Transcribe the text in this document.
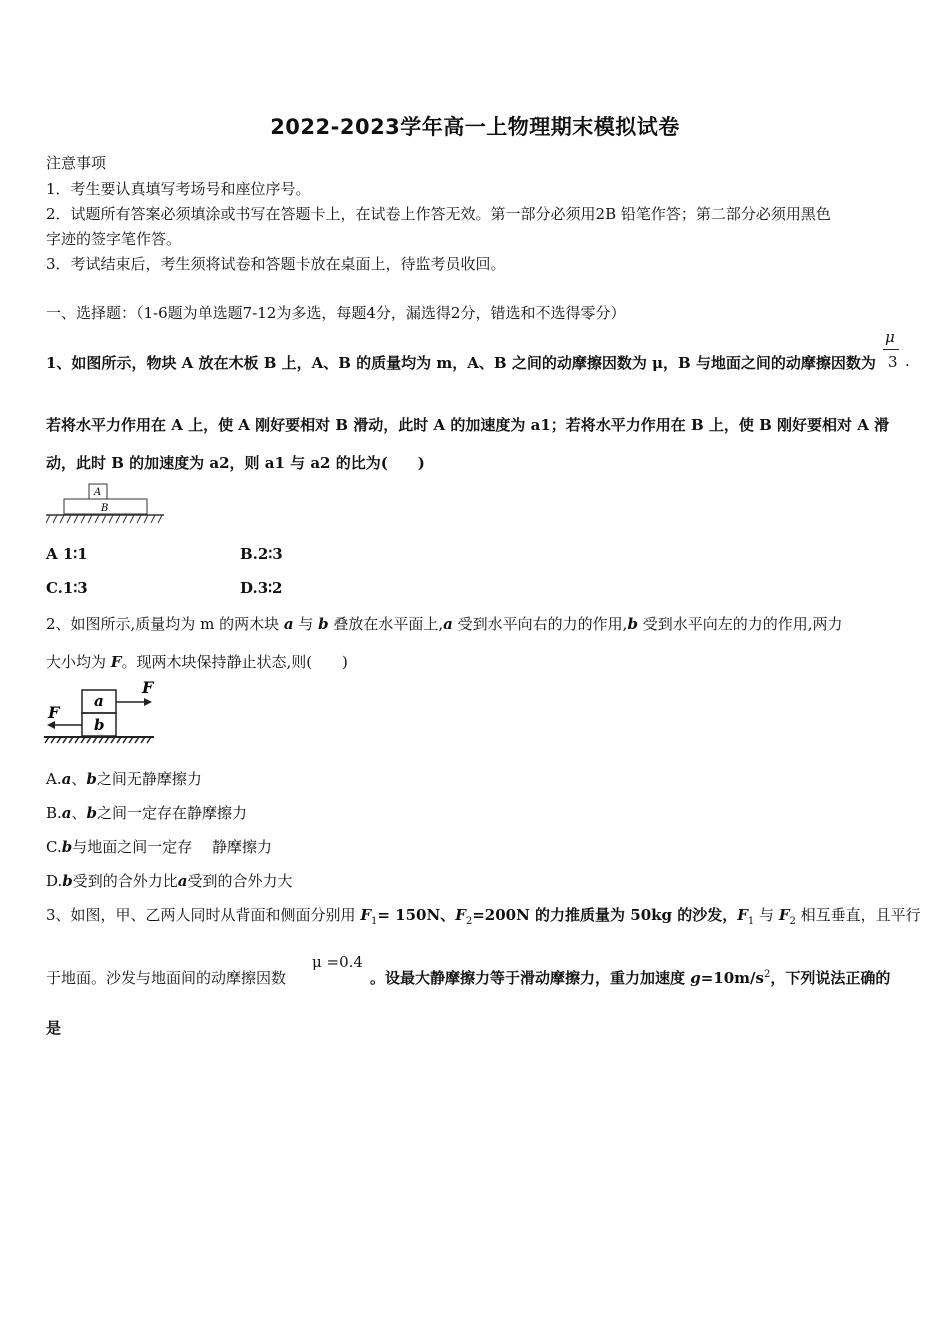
2022-2023学年高一上物理期末模拟试卷
注意事项
1．考生要认真填写考场号和座位序号。
2．试题所有答案必须填涂或书写在答题卡上，在试卷上作答无效。第一部分必须用2B 铅笔作答；第二部分必须用黑色
字迹的签字笔作答。
3．考试结束后，考生须将试卷和答题卡放在桌面上，待监考员收回。
一、选择题：（1-6题为单选题7-12为多选，每题4分，漏选得2分，错选和不选得零分）
1、如图所示，物块 A 放在木板 B 上，A、B 的质量均为 m，A、B 之间的动摩擦因数为 μ，B 与地面之间的动摩擦因数为
μ
3 .
若将水平力作用在 A 上，使 A 刚好要相对 B 滑动，此时 A 的加速度为 a1；若将水平力作用在 B 上，使 B 刚好要相对 A 滑
动，此时 B 的加速度为 a2，则 a1 与 a2 的比为(　　)
A
B
A 1∶1	B.2∶3
C.1∶3	D.3∶2
2、如图所示,质量均为 m 的两木块 a 与 b 叠放在水平面上,a 受到水平向右的力的作用,b 受到水平向左的力的作用,两力
大小均为 F。现两木块保持静止状态,则(　　)
a
b
F
F
A.a、b之间无静摩擦力
B.a、b之间一定存在静摩擦力
C.b与地面之间一定存　 静摩擦力
D.b受到的合外力比a受到的合外力大
3、如图，甲、乙两人同时从背面和侧面分别用 $F_1= 150N$、$F_2=200N$ 的力推质量为 50kg 的沙发，$F_1$ 与 $F_2$ 相互垂直，且平行
于地面。沙发与地面间的动摩擦因数
μ =0.4
。设最大静摩擦力等于滑动摩擦力，重力加速度 $g=10m/s^2$，下列说法正确的
是
